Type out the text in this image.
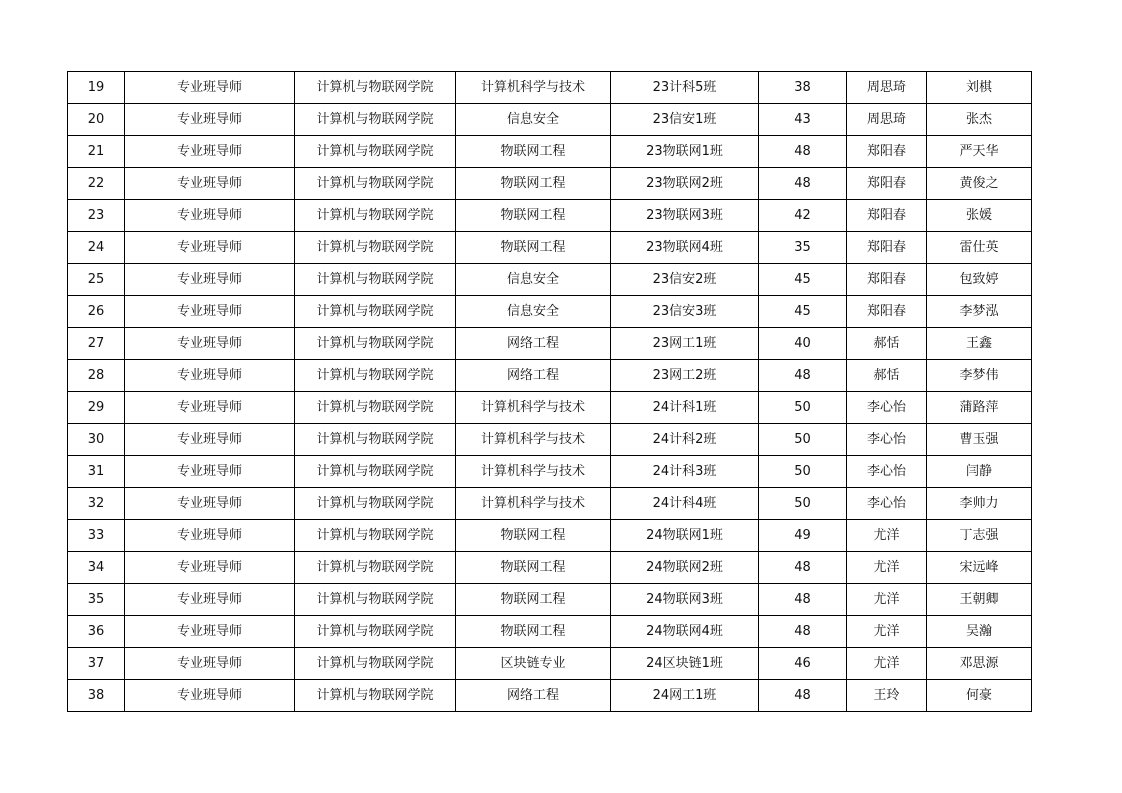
19	专业班导师	计算机与物联网学院	计算机科学与技术	23计科5班	38	周思琦	刘棋
20	专业班导师	计算机与物联网学院	信息安全	23信安1班	43	周思琦	张杰
21	专业班导师	计算机与物联网学院	物联网工程	23物联网1班	48	郑阳春	严天华
22	专业班导师	计算机与物联网学院	物联网工程	23物联网2班	48	郑阳春	黄俊之
23	专业班导师	计算机与物联网学院	物联网工程	23物联网3班	42	郑阳春	张媛
24	专业班导师	计算机与物联网学院	物联网工程	23物联网4班	35	郑阳春	雷仕英
25	专业班导师	计算机与物联网学院	信息安全	23信安2班	45	郑阳春	包致婷
26	专业班导师	计算机与物联网学院	信息安全	23信安3班	45	郑阳春	李梦泓
27	专业班导师	计算机与物联网学院	网络工程	23网工1班	40	郝恬	王鑫
28	专业班导师	计算机与物联网学院	网络工程	23网工2班	48	郝恬	李梦伟
29	专业班导师	计算机与物联网学院	计算机科学与技术	24计科1班	50	李心怡	蒲路萍
30	专业班导师	计算机与物联网学院	计算机科学与技术	24计科2班	50	李心怡	曹玉强
31	专业班导师	计算机与物联网学院	计算机科学与技术	24计科3班	50	李心怡	闫静
32	专业班导师	计算机与物联网学院	计算机科学与技术	24计科4班	50	李心怡	李帅力
33	专业班导师	计算机与物联网学院	物联网工程	24物联网1班	49	尤洋	丁志强
34	专业班导师	计算机与物联网学院	物联网工程	24物联网2班	48	尤洋	宋远峰
35	专业班导师	计算机与物联网学院	物联网工程	24物联网3班	48	尤洋	王朝卿
36	专业班导师	计算机与物联网学院	物联网工程	24物联网4班	48	尤洋	吴瀚
37	专业班导师	计算机与物联网学院	区块链专业	24区块链1班	46	尤洋	邓思源
38	专业班导师	计算机与物联网学院	网络工程	24网工1班	48	王玲	何豪
